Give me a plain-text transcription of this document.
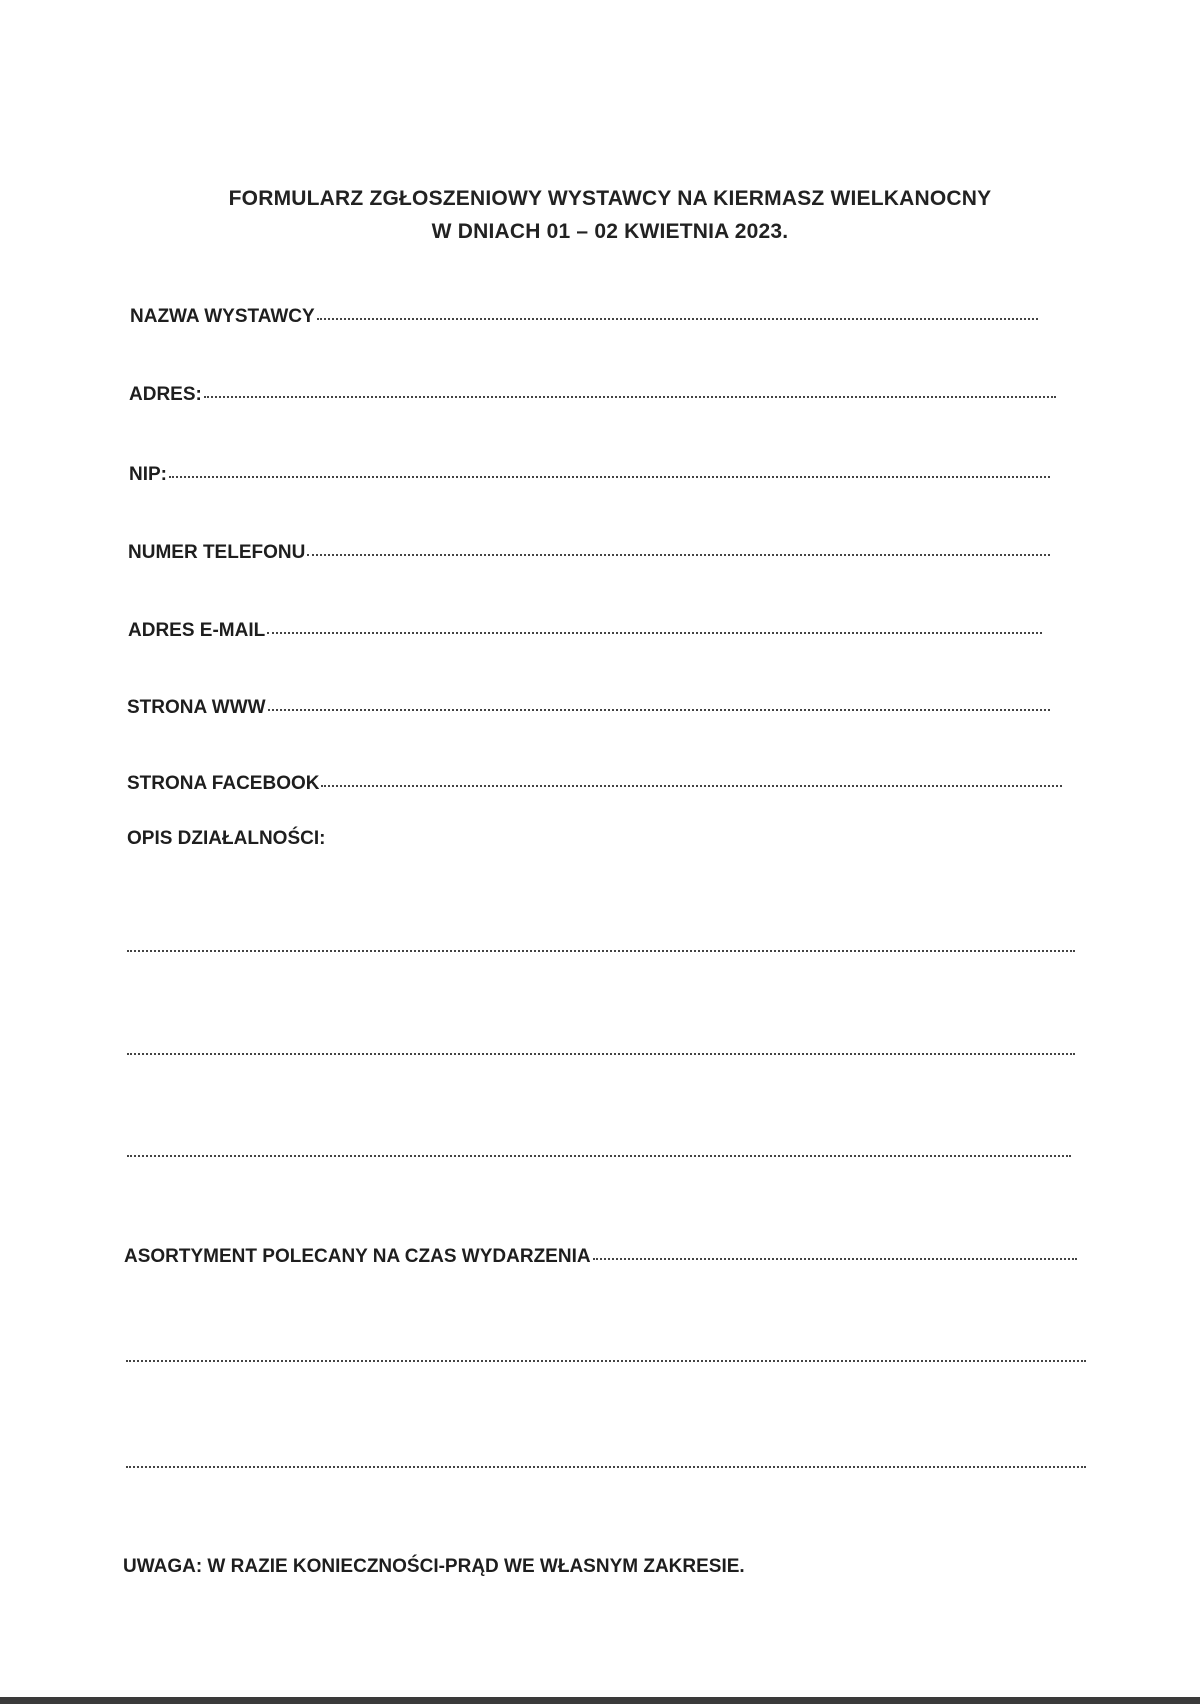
FORMULARZ ZGŁOSZENIOWY WYSTAWCY NA KIERMASZ WIELKANOCNY
W DNIACH 01 – 02 KWIETNIA 2023.
NAZWA WYSTAWCY
ADRES:
NIP:
NUMER TELEFONU
ADRES E-MAIL
STRONA WWW
STRONA FACEBOOK
OPIS DZIAŁALNOŚCI:
ASORTYMENT POLECANY NA CZAS WYDARZENIA
UWAGA: W RAZIE KONIECZNOŚCI-PRĄD WE WŁASNYM ZAKRESIE.
